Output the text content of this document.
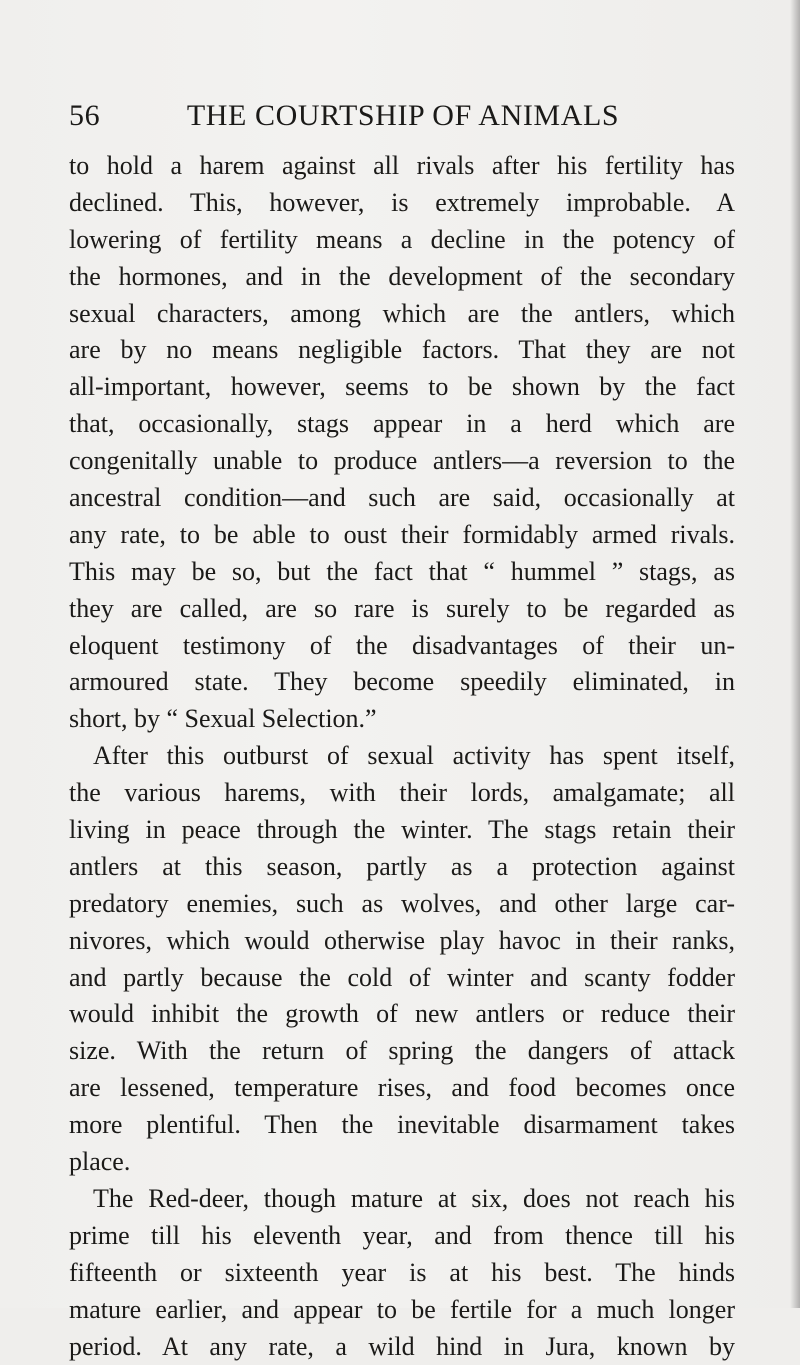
56	THE COURTSHIP OF ANIMALS
to hold a harem against all rivals after his fertility has
declined. This, however, is extremely improbable. A
lowering of fertility means a decline in the potency of
the hormones, and in the development of the secondary
sexual characters, among which are the antlers, which
are by no means negligible factors. That they are not
all-important, however, seems to be shown by the fact
that, occasionally, stags appear in a herd which are
congenitally unable to produce antlers—a reversion to the
ancestral condition—and such are said, occasionally at
any rate, to be able to oust their formidably armed rivals.
This may be so, but the fact that “ hummel ” stags, as
they are called, are so rare is surely to be regarded as
eloquent testimony of the disadvantages of their un-
armoured state. They become speedily eliminated, in
short, by “ Sexual Selection.”
After this outburst of sexual activity has spent itself,
the various harems, with their lords, amalgamate; all
living in peace through the winter. The stags retain their
antlers at this season, partly as a protection against
predatory enemies, such as wolves, and other large car-
nivores, which would otherwise play havoc in their ranks,
and partly because the cold of winter and scanty fodder
would inhibit the growth of new antlers or reduce their
size. With the return of spring the dangers of attack
are lessened, temperature rises, and food becomes once
more plentiful. Then the inevitable disarmament takes
place.
The Red-deer, though mature at six, does not reach his
prime till his eleventh year, and from thence till his
fifteenth or sixteenth year is at his best. The hinds
mature earlier, and appear to be fertile for a much longer
period. At any rate, a wild hind in Jura, known by
